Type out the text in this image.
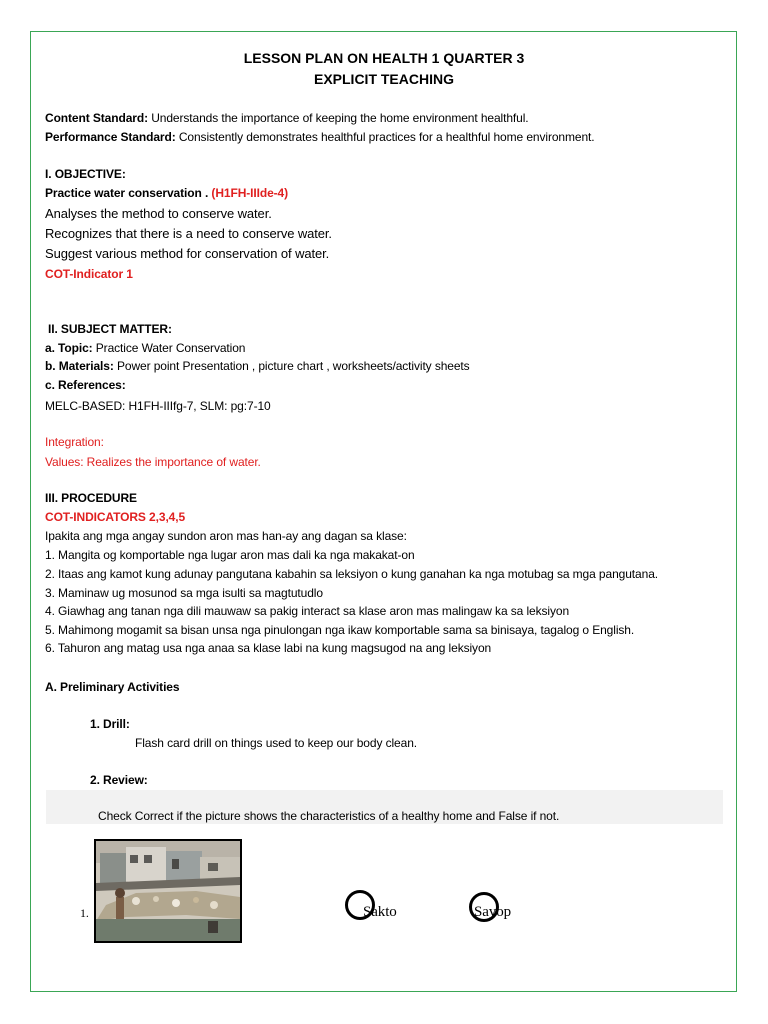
LESSON PLAN ON HEALTH 1 QUARTER 3
EXPLICIT TEACHING
Content Standard: Understands the importance of keeping the home environment healthful.
Performance Standard: Consistently demonstrates healthful practices for a healthful home environment.
I. OBJECTIVE:
Practice water conservation . (H1FH-IIIde-4)
Analyses the method to conserve water.
Recognizes that there is a need to conserve water.
Suggest various method for conservation of water.
COT-Indicator 1
II. SUBJECT MATTER:
a. Topic: Practice Water Conservation
b. Materials: Power point Presentation , picture chart , worksheets/activity sheets
c. References:
MELC-BASED: H1FH-IIIfg-7, SLM: pg:7-10
Integration:
Values: Realizes the importance of water.
III. PROCEDURE
COT-INDICATORS 2,3,4,5
Ipakita ang mga angay sundon aron mas han-ay ang dagan sa klase:
1. Mangita og komportable nga lugar aron mas dali ka nga makakat-on
2. Itaas ang kamot kung adunay pangutana kabahin sa leksiyon o kung ganahan ka nga motubag sa mga pangutana.
3. Maminaw ug mosunod sa mga isulti sa magtutudlo
4. Giawhag ang tanan nga dili mauwaw sa pakig interact sa klase aron mas malingaw ka sa leksiyon
5. Mahimong mogamit sa bisan unsa nga pinulongan nga ikaw komportable sama sa binisaya, tagalog o English.
6. Tahuron ang matag usa nga anaa sa klase labi na kung magsugod na ang leksiyon
A. Preliminary Activities
1. Drill:
Flash card drill on things used to keep our body clean.
2. Review:
Check Correct if the picture shows the characteristics of a healthy home and False if not.
1.	Sakto	Sayop
